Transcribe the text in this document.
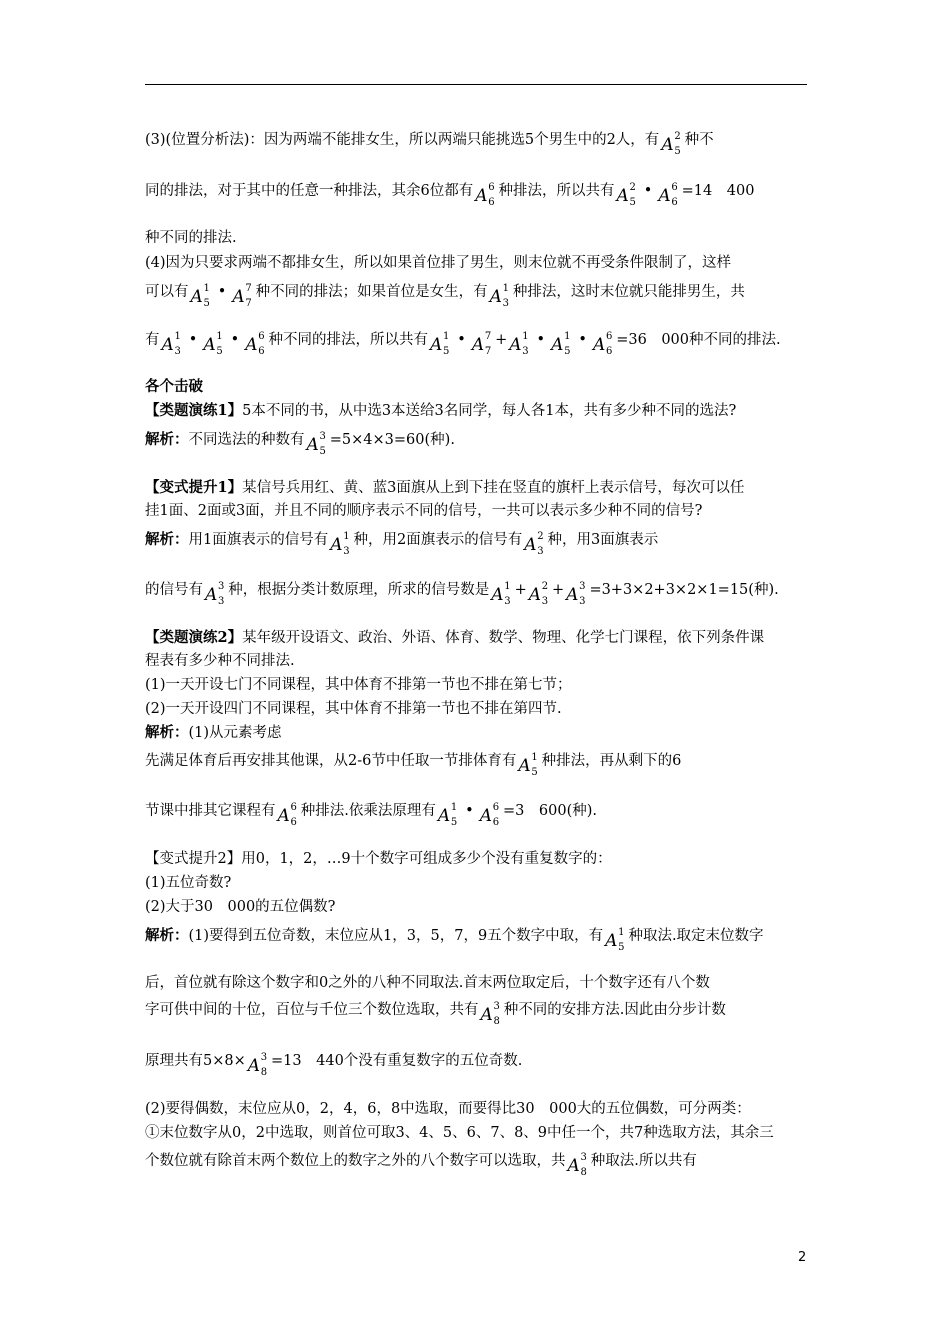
(3)(位置分析法)：因为两端不能排女生，所以两端只能挑选5个男生中的2人，有 A 2
5
种不
同的排法，对于其中的任意一种排法，其余6位都有 A 6
6
种排法，所以共有 A 2
5
• A 6
6
=14　400
种不同的排法.
(4)因为只要求两端不都排女生，所以如果首位排了男生，则末位就不再受条件限制了，这样
可以有 A 1
5
• A 7
7
种不同的排法；如果首位是女生，有 A 1
3
种排法，这时末位就只能排男生，共
有 A 1
3
• A 1
5
• A 6
6
种不同的排法，所以共有 A 1
5
• A 7
7
+ A 1
3
• A 1
5
• A 6
6
=36　000种不同的排法.
各个击破
【类题演练1】5本不同的书，从中选3本送给3名同学，每人各1本，共有多少种不同的选法?
解析：不同选法的种数有 A 3
5
=5×4×3=60(种).
【变式提升1】某信号兵用红、黄、蓝3面旗从上到下挂在竖直的旗杆上表示信号，每次可以任
挂1面、2面或3面，并且不同的顺序表示不同的信号，一共可以表示多少种不同的信号?
解析：用1面旗表示的信号有 A 1
3
种，用2面旗表示的信号有 A 2
3
种，用3面旗表示
的信号有 A 3
3
种，根据分类计数原理，所求的信号数是 A 1
3
+ A 2
3
+ A 3
3
=3+3×2+3×2×1=15(种).
【类题演练2】某年级开设语文、政治、外语、体育、数学、物理、化学七门课程，依下列条件课
程表有多少种不同排法.
(1)一天开设七门不同课程，其中体育不排第一节也不排在第七节；
(2)一天开设四门不同课程，其中体育不排第一节也不排在第四节.
解析：(1)从元素考虑
先满足体育后再安排其他课，从2-6节中任取一节排体育有 A 1
5
种排法，再从剩下的6
节课中排其它课程有 A 6
6
种排法.依乘法原理有 A 1
5
• A 6
6
=3　600(种).
【变式提升2】用0，1，2，…9十个数字可组成多少个没有重复数字的：
(1)五位奇数?
(2)大于30　000的五位偶数?
解析：(1)要得到五位奇数，末位应从1，3，5，7，9五个数字中取，有 A 1
5
种取法.取定末位数字
后，首位就有除这个数字和0之外的八种不同取法.首末两位取定后，十个数字还有八个数
字可供中间的十位，百位与千位三个数位选取，共有 A 3
8
种不同的安排方法.因此由分步计数
原理共有5×8× A 3
8
=13　440个没有重复数字的五位奇数.
(2)要得偶数，末位应从0，2，4，6，8中选取，而要得比30　000大的五位偶数，可分两类：
①末位数字从0，2中选取，则首位可取3、4、5、6、7、8、9中任一个，共7种选取方法，其余三
个数位就有除首末两个数位上的数字之外的八个数字可以选取，共 A 3
8
种取法.所以共有
2
